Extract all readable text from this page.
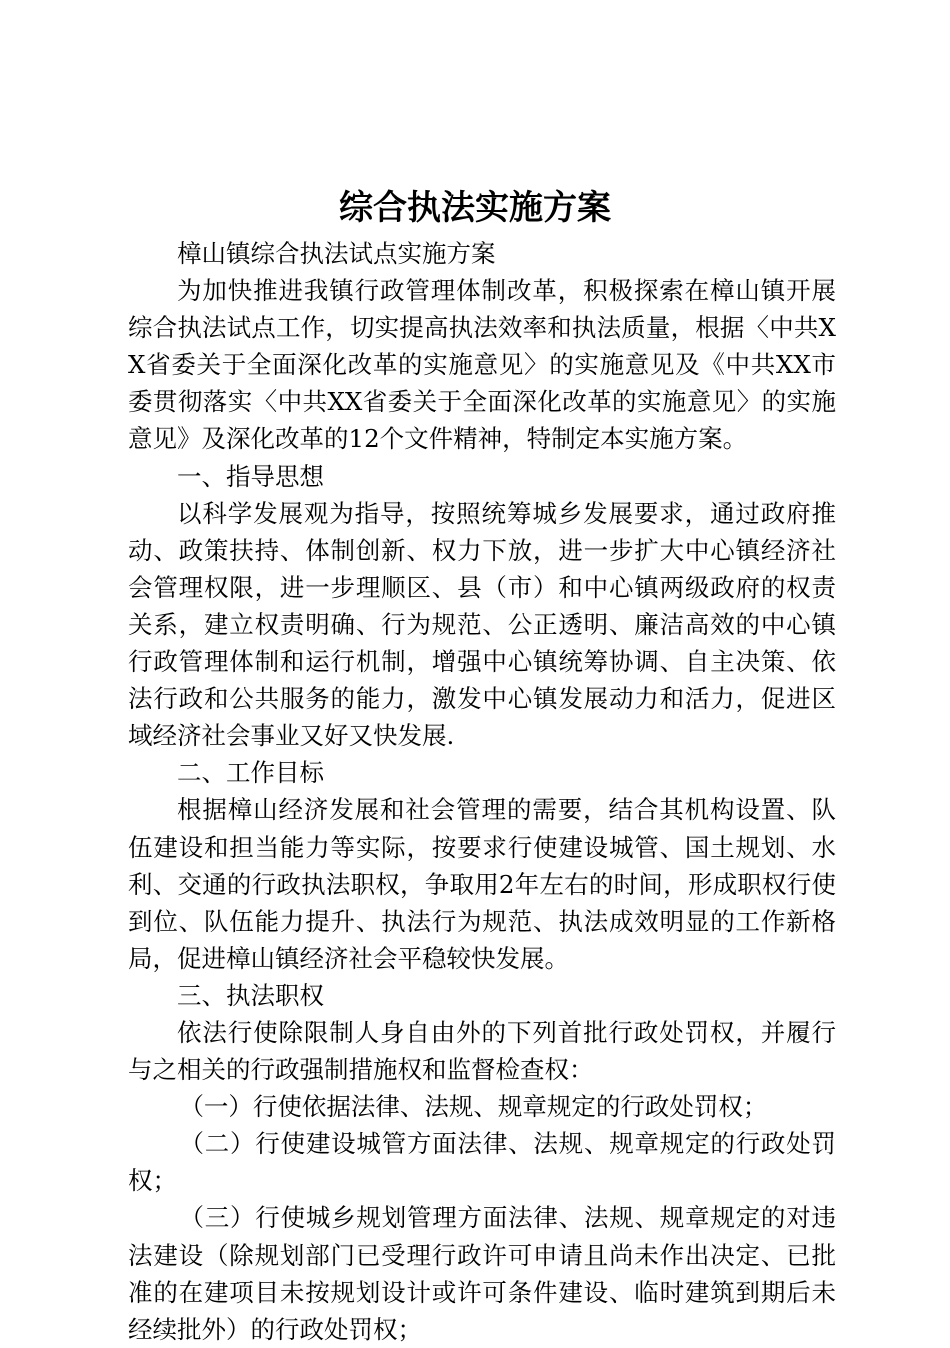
综合执法实施方案

樟山镇综合执法试点实施方案

为加快推进我镇行政管理体制改革，积极探索在樟山镇开展综合执法试点工作，切实提高执法效率和执法质量，根据〈中共XX省委关于全面深化改革的实施意见〉的实施意见及《中共XX市委贯彻落实〈中共XX省委关于全面深化改革的实施意见〉的实施意见》及深化改革的12个文件精神，特制定本实施方案。

一、指导思想

以科学发展观为指导，按照统筹城乡发展要求，通过政府推动、政策扶持、体制创新、权力下放，进一步扩大中心镇经济社会管理权限，进一步理顺区、县（市）和中心镇两级政府的权责关系，建立权责明确、行为规范、公正透明、廉洁高效的中心镇行政管理体制和运行机制，增强中心镇统筹协调、自主决策、依法行政和公共服务的能力，激发中心镇发展动力和活力，促进区域经济社会事业又好又快发展.

二、工作目标

根据樟山经济发展和社会管理的需要，结合其机构设置、队伍建设和担当能力等实际，按要求行使建设城管、国土规划、水利、交通的行政执法职权，争取用2年左右的时间，形成职权行使到位、队伍能力提升、执法行为规范、执法成效明显的工作新格局，促进樟山镇经济社会平稳较快发展。

三、执法职权

依法行使除限制人身自由外的下列首批行政处罚权，并履行与之相关的行政强制措施权和监督检查权：

（一）行使依据法律、法规、规章规定的行政处罚权；

（二）行使建设城管方面法律、法规、规章规定的行政处罚权；

（三）行使城乡规划管理方面法律、法规、规章规定的对违法建设（除规划部门已受理行政许可申请且尚未作出决定、已批准的在建项目未按规划设计或许可条件建设、临时建筑到期后未经续批外）的行政处罚权；
